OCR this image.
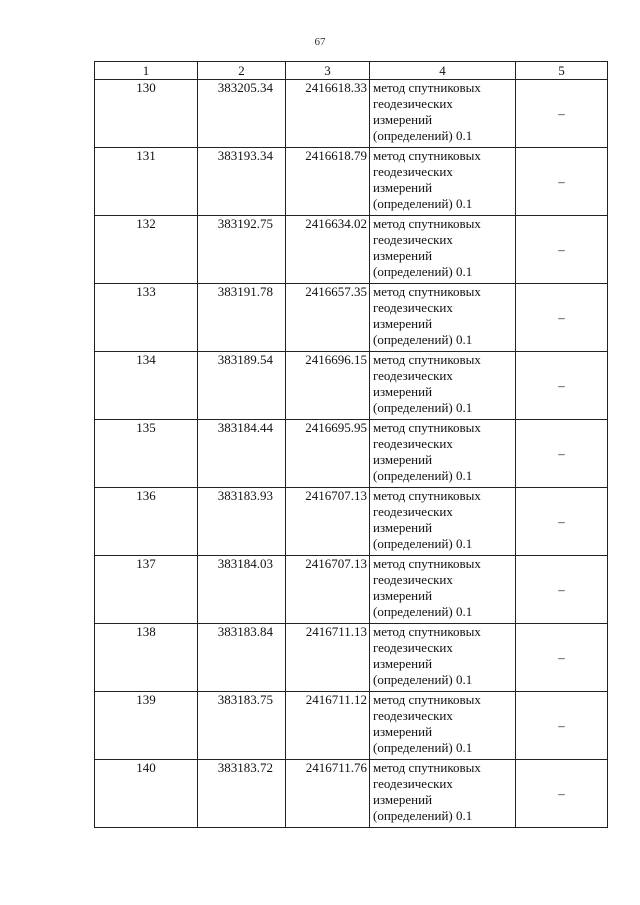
67
1	2	3	4	5
130	383205.34	2416618.33	метод спутниковых
геодезических
измерений
(определений) 0.1	–
131	383193.34	2416618.79	метод спутниковых
геодезических
измерений
(определений) 0.1	–
132	383192.75	2416634.02	метод спутниковых
геодезических
измерений
(определений) 0.1	–
133	383191.78	2416657.35	метод спутниковых
геодезических
измерений
(определений) 0.1	–
134	383189.54	2416696.15	метод спутниковых
геодезических
измерений
(определений) 0.1	–
135	383184.44	2416695.95	метод спутниковых
геодезических
измерений
(определений) 0.1	–
136	383183.93	2416707.13	метод спутниковых
геодезических
измерений
(определений) 0.1	–
137	383184.03	2416707.13	метод спутниковых
геодезических
измерений
(определений) 0.1	–
138	383183.84	2416711.13	метод спутниковых
геодезических
измерений
(определений) 0.1	–
139	383183.75	2416711.12	метод спутниковых
геодезических
измерений
(определений) 0.1	–
140	383183.72	2416711.76	метод спутниковых
геодезических
измерений
(определений) 0.1	–
